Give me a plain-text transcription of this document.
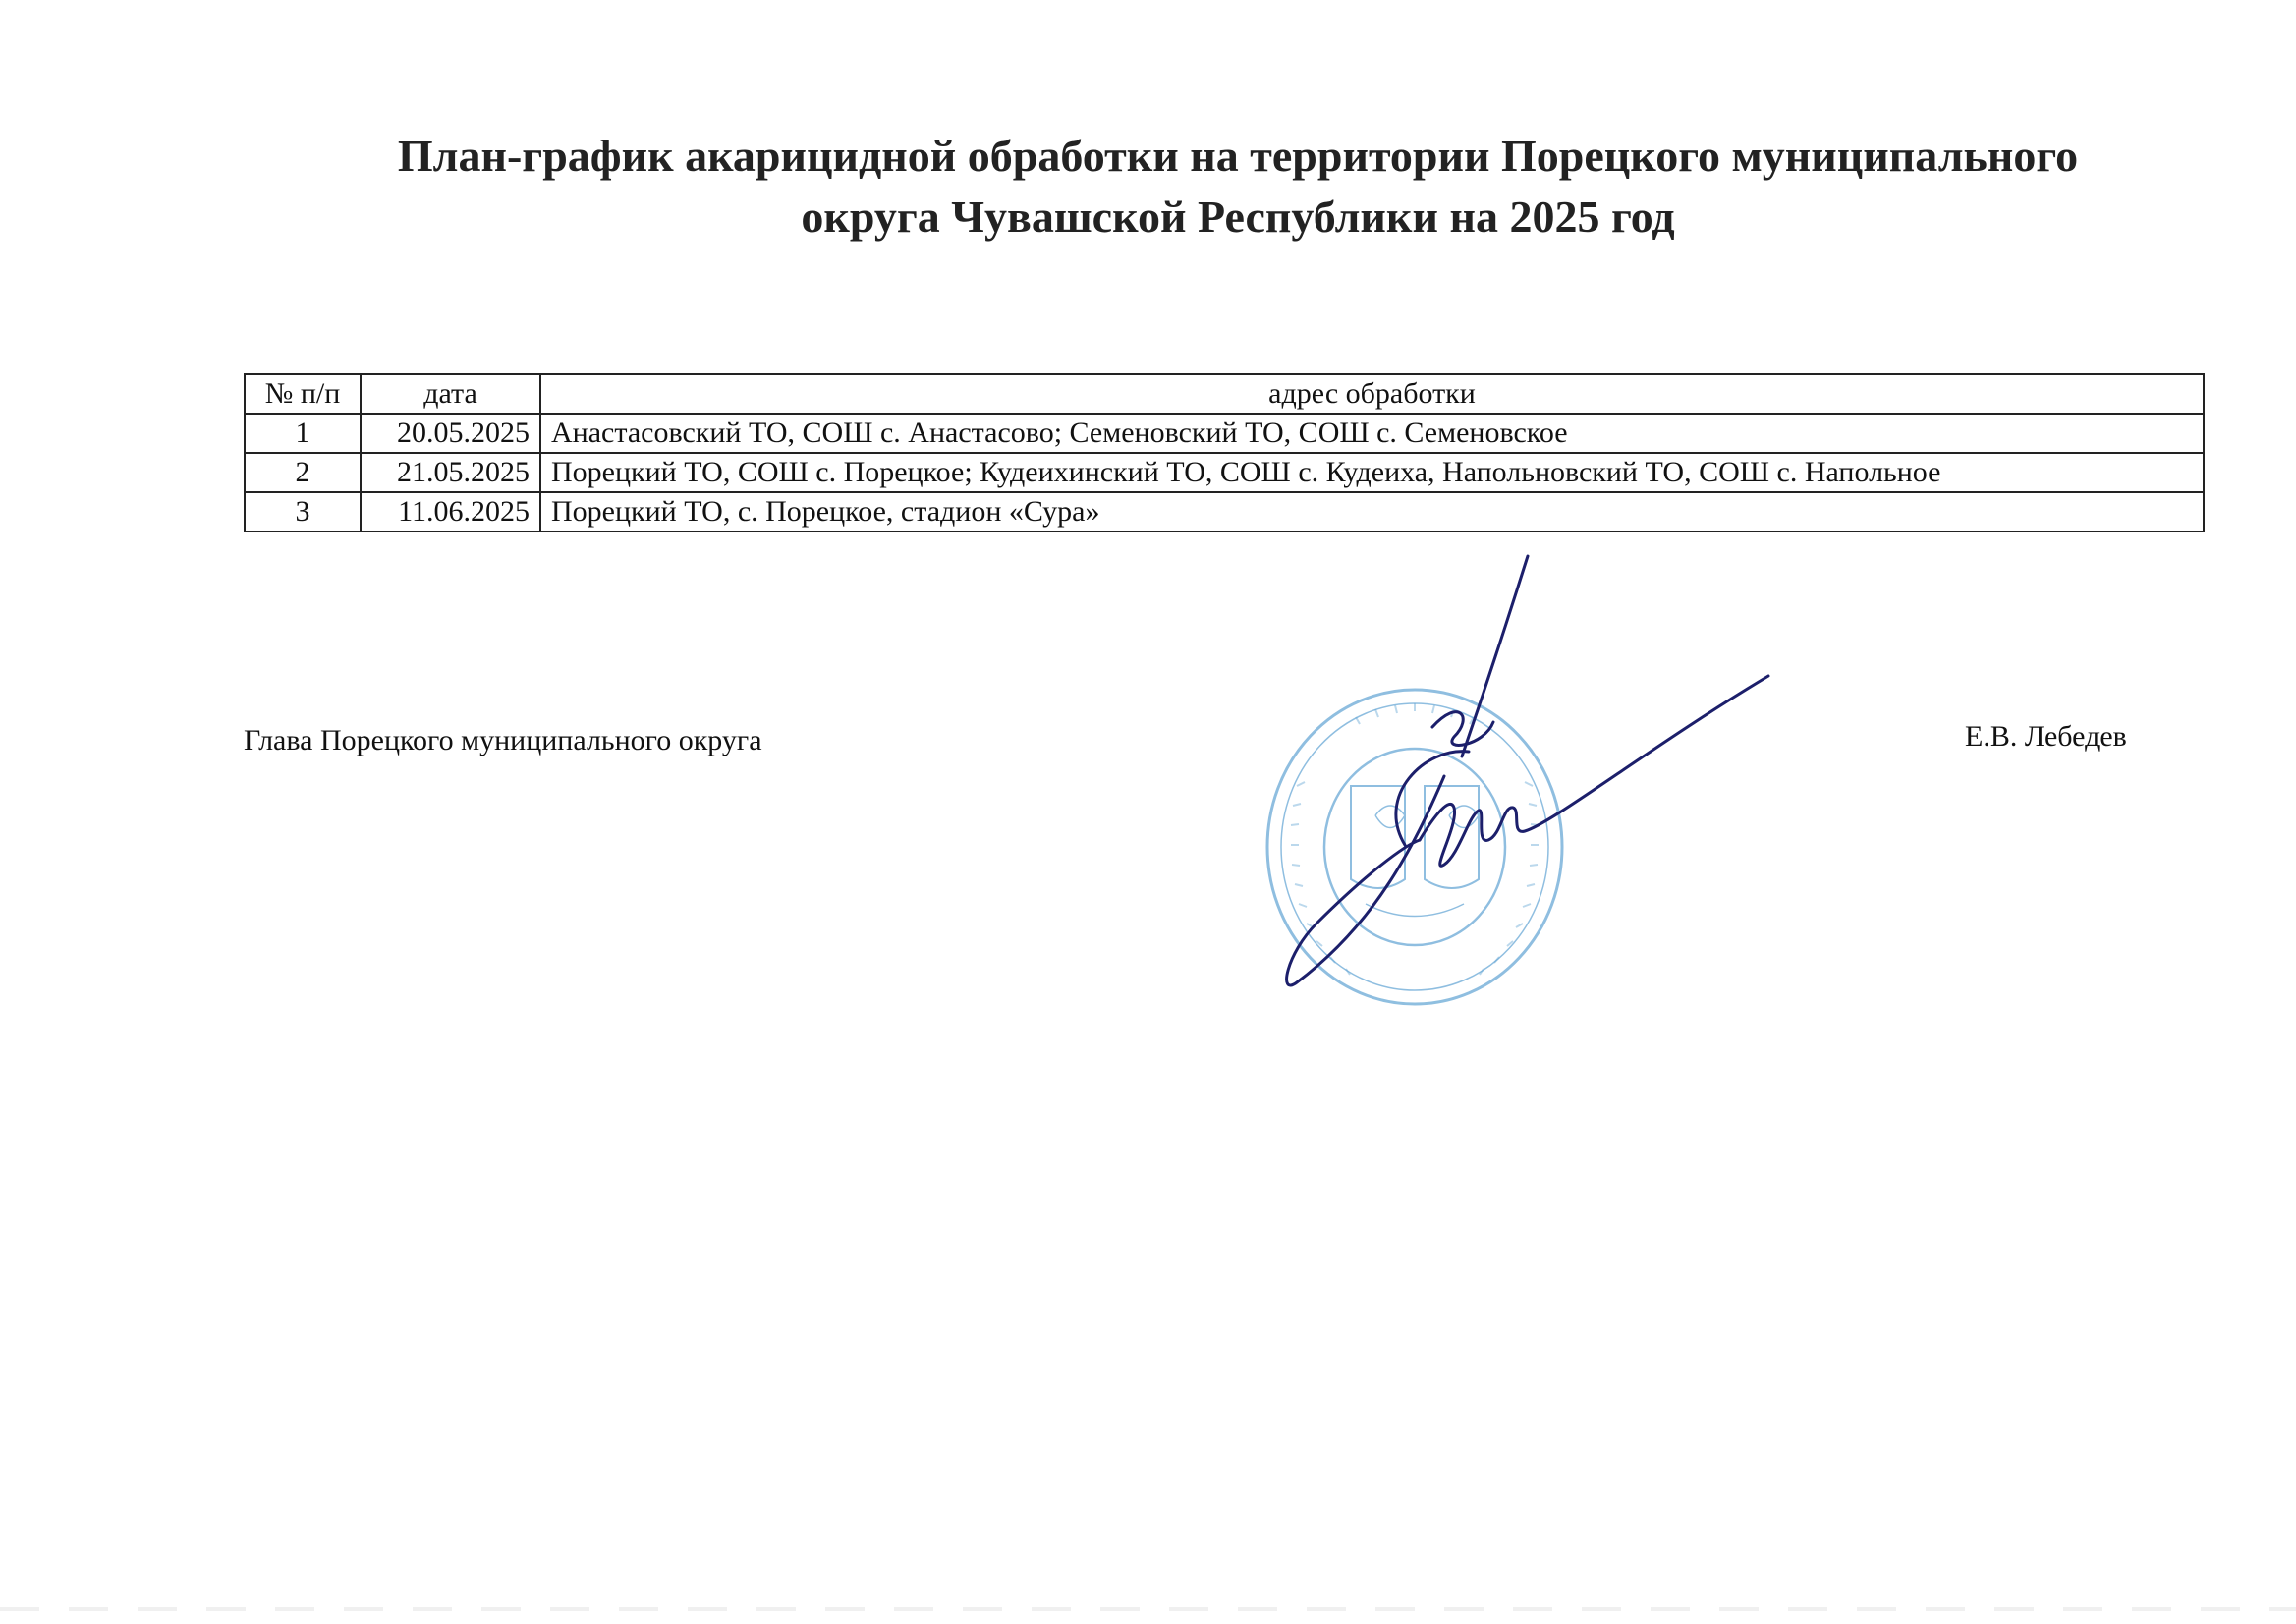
План-график акарицидной обработки на территории Порецкого муниципального
округа Чувашской Республики на 2025 год
№ п/п	дата	адрес обработки
1	20.05.2025	Анастасовский ТО, СОШ с. Анастасово; Семеновский ТО, СОШ с. Семеновское
2	21.05.2025	Порецкий ТО, СОШ с. Порецкое; Кудеихинский ТО, СОШ с. Кудеиха, Напольновский ТО, СОШ с. Напольное
3	11.06.2025	Порецкий ТО, с. Порецкое, стадион «Сура»
Глава Порецкого муниципального округа	Е.В. Лебедев
